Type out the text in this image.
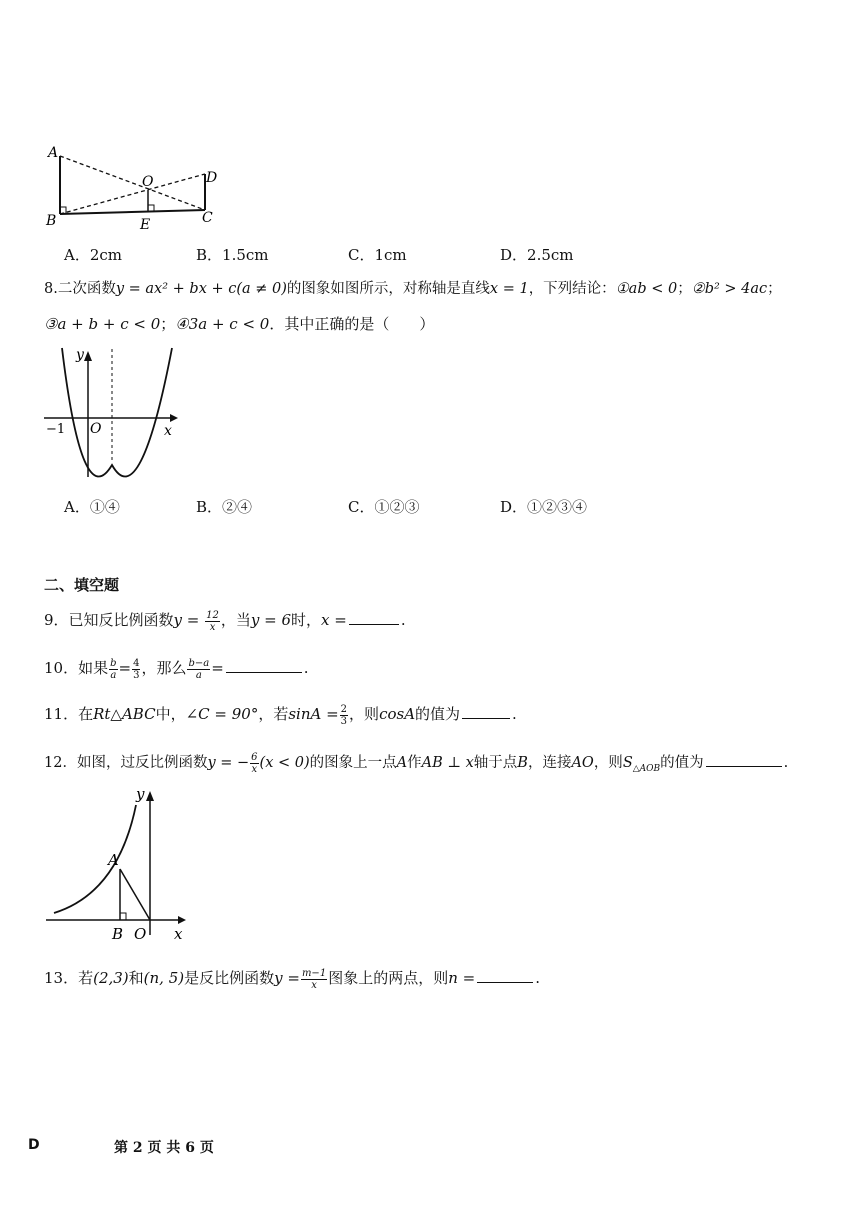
A
B
O	D
E	C
A．2cm	B．1.5cm	C．1cm	D．2.5cm
8.二次函数y = ax² + bx + c(a ≠ 0)的图象如图所示，对称轴是直线x = 1，下列结论：①ab < 0；②b² > 4ac；
③a + b + c < 0；④3a + c < 0．其中正确的是（　　）
y
x
O
−1
A．①④	B．②④	C．①②③	D．①②③④
二、填空题
9．已知反比例函数$y = \frac{12}{x}$ ，当y = 6时，x =	.
10．如果 $\frac{b}{a} = \frac{4}{3}$ ，那么 $\frac{b-a}{a}$ =	.
11．在Rt△ABC中，∠C = 90°，若$\sin A = \frac{2}{3}$ ，则cosA的值为	.
12．如图，过反比例函数y = − $\frac{6}{x} (x < 0)$的图象上一点A作AB ⊥ x轴于点B，连接AO，则$S_{\triangle AOB}$的值为	.
y
x
A
B O
13．若(2,3)和(n, 5)是反比例函数$y = \frac{m-1}{x}$ 图象上的两点，则n =	.
D	第 2 页 共 6 页
